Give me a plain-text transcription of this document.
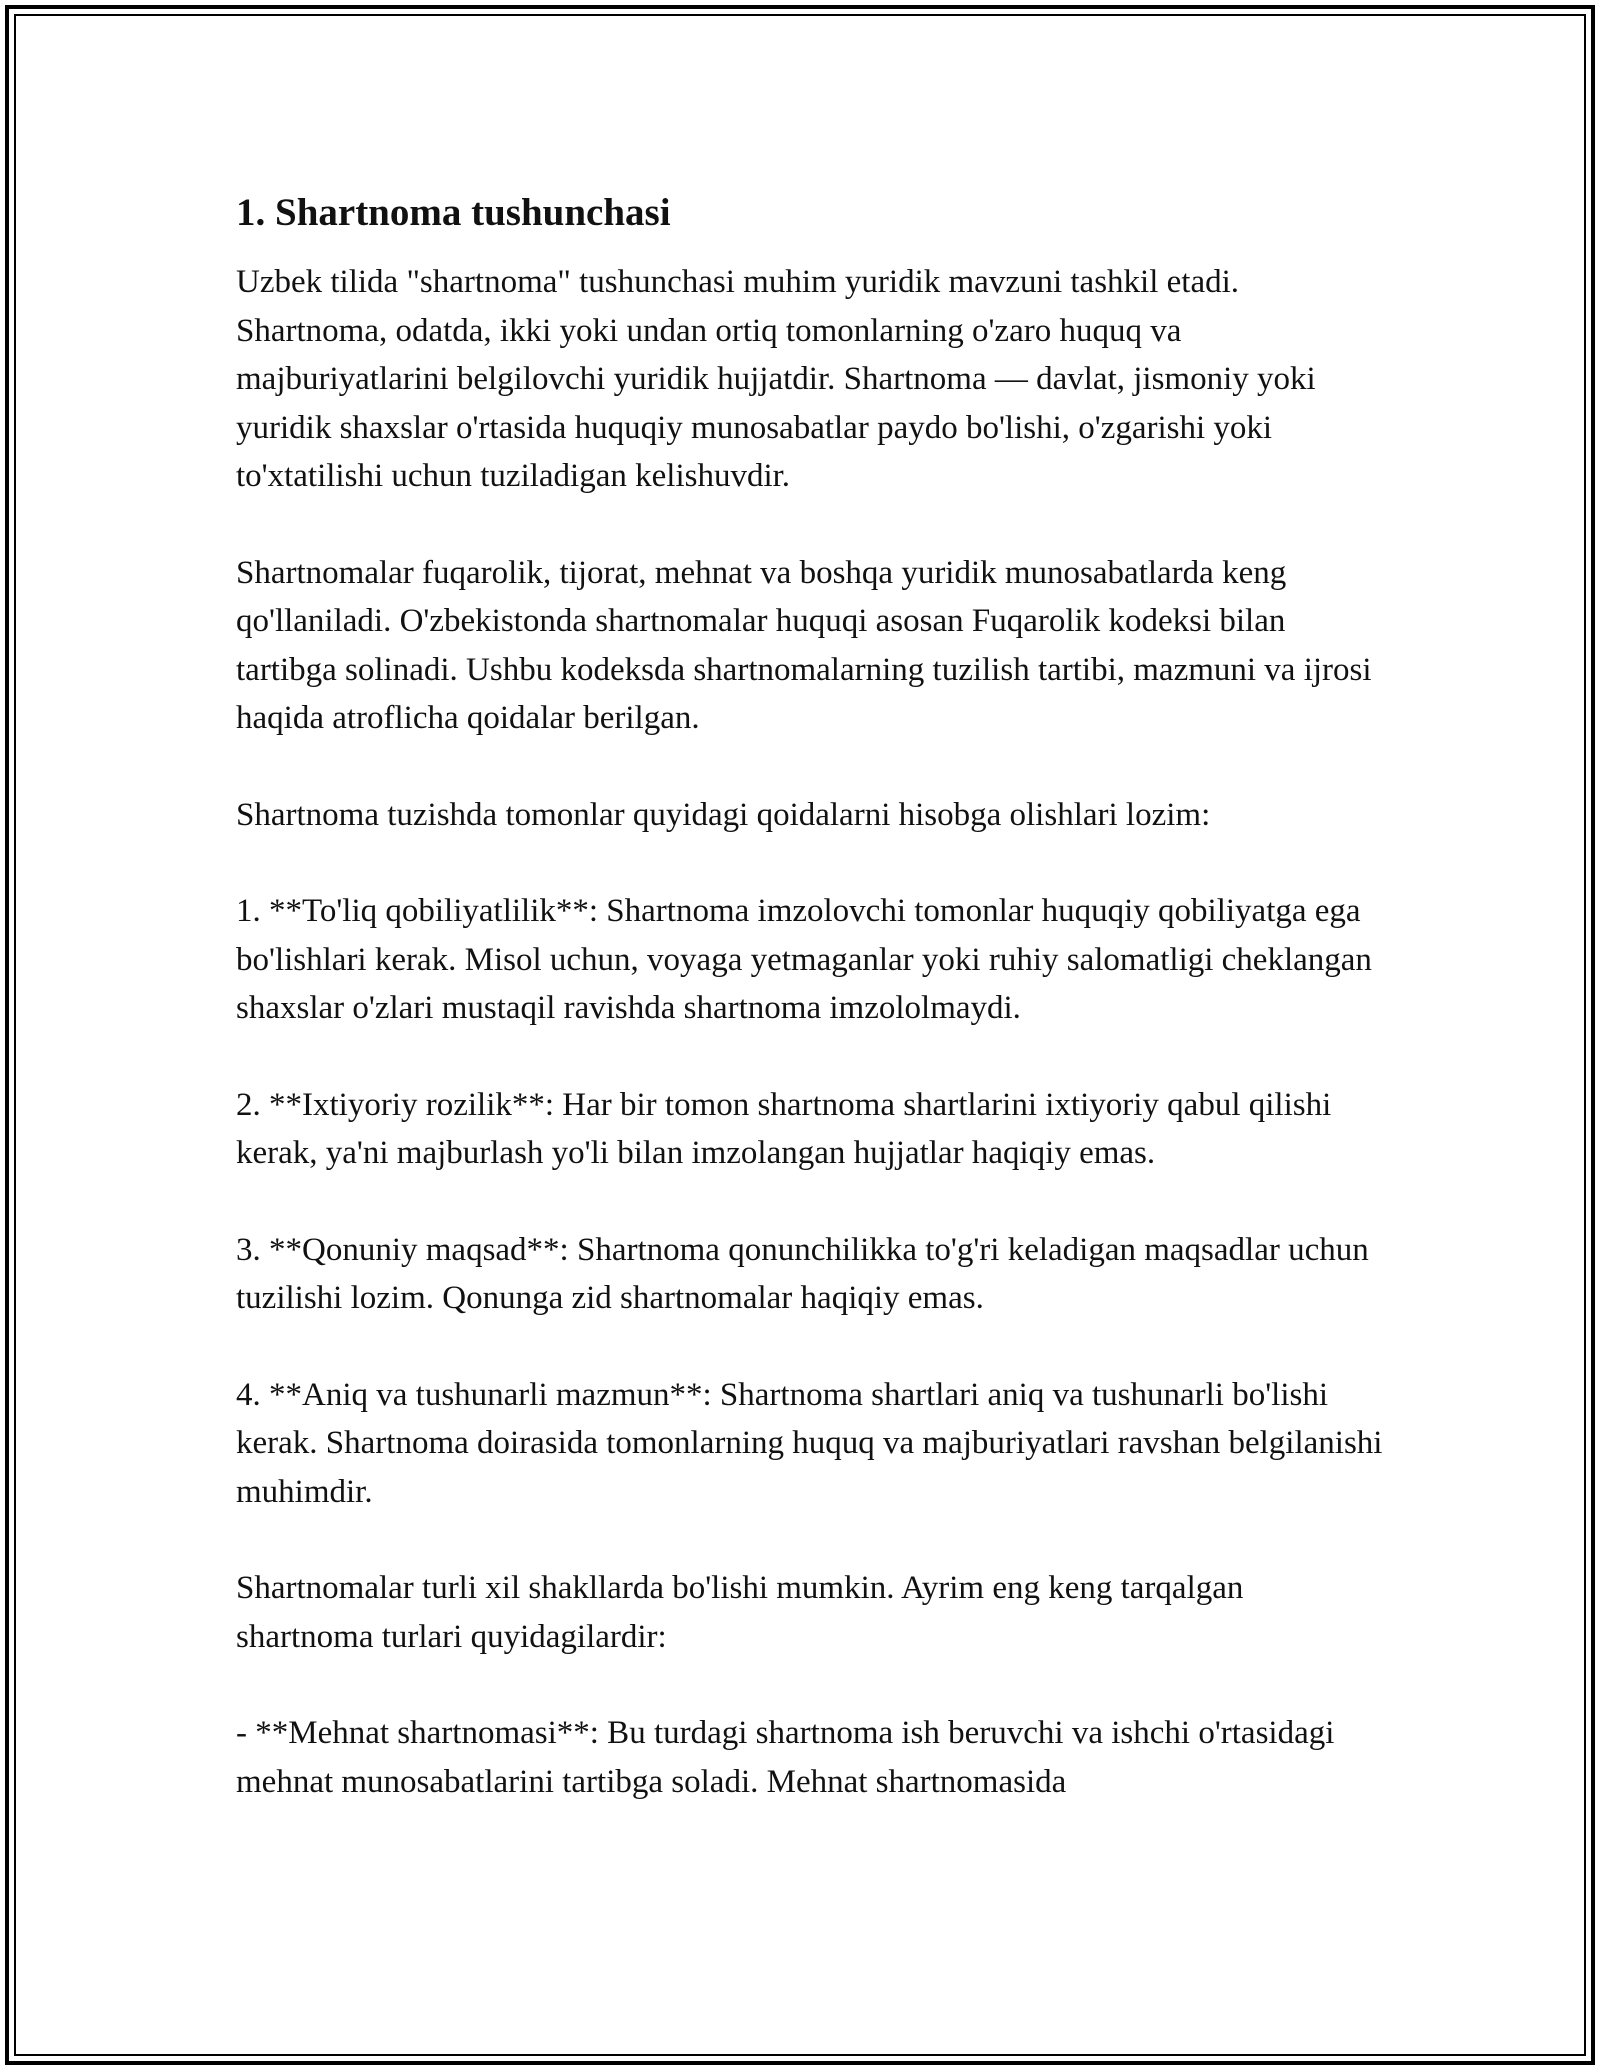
1. Shartnoma tushunchasi

Uzbek tilida "shartnoma" tushunchasi muhim yuridik mavzuni tashkil etadi. Shartnoma, odatda, ikki yoki undan ortiq tomonlarning o'zaro huquq va majburiyatlarini belgilovchi yuridik hujjatdir. Shartnoma — davlat, jismoniy yoki yuridik shaxslar o'rtasida huquqiy munosabatlar paydo bo'lishi, o'zgarishi yoki to'xtatilishi uchun tuziladigan kelishuvdir.

Shartnomalar fuqarolik, tijorat, mehnat va boshqa yuridik munosabatlarda keng qo'llaniladi. O'zbekistonda shartnomalar huquqi asosan Fuqarolik kodeksi bilan tartibga solinadi. Ushbu kodeksda shartnomalarning tuzilish tartibi, mazmuni va ijrosi haqida atroflicha qoidalar berilgan.

Shartnoma tuzishda tomonlar quyidagi qoidalarni hisobga olishlari lozim:

1. **To'liq qobiliyatlilik**: Shartnoma imzolovchi tomonlar huquqiy qobiliyatga ega bo'lishlari kerak. Misol uchun, voyaga yetmaganlar yoki ruhiy salomatligi cheklangan shaxslar o'zlari mustaqil ravishda shartnoma imzololmaydi.

2. **Ixtiyoriy rozilik**: Har bir tomon shartnoma shartlarini ixtiyoriy qabul qilishi kerak, ya'ni majburlash yo'li bilan imzolangan hujjatlar haqiqiy emas.

3. **Qonuniy maqsad**: Shartnoma qonunchilikka to'g'ri keladigan maqsadlar uchun tuzilishi lozim. Qonunga zid shartnomalar haqiqiy emas.

4. **Aniq va tushunarli mazmun**: Shartnoma shartlari aniq va tushunarli bo'lishi kerak. Shartnoma doirasida tomonlarning huquq va majburiyatlari ravshan belgilanishi muhimdir.

Shartnomalar turli xil shakllarda bo'lishi mumkin. Ayrim eng keng tarqalgan shartnoma turlari quyidagilardir:

- **Mehnat shartnomasi**: Bu turdagi shartnoma ish beruvchi va ishchi o'rtasidagi mehnat munosabatlarini tartibga soladi. Mehnat shartnomasida
